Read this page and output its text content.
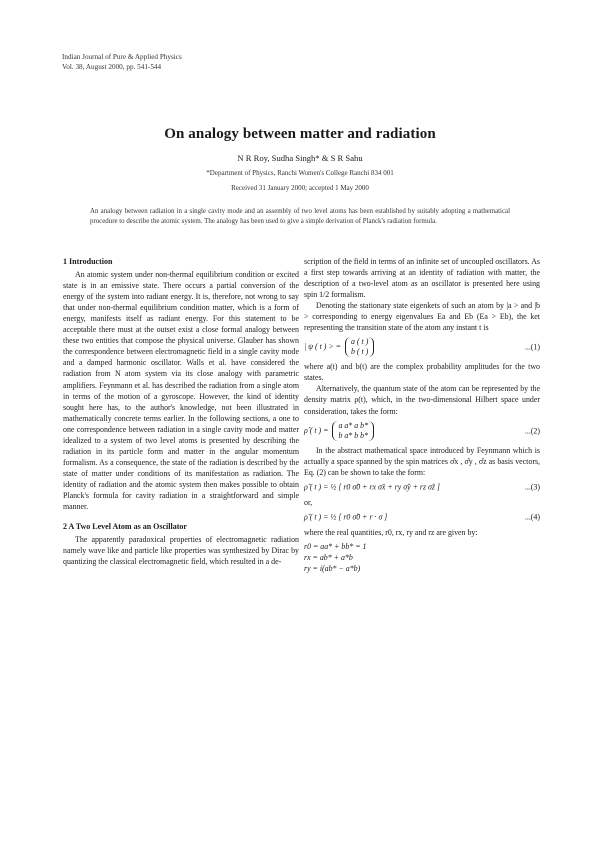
Indian Journal of Pure & Applied Physics
Vol. 38, August 2000, pp. 541-544
On analogy between matter and radiation
N R Roy, Sudha Singh* & S R Sahu
*Department of Physics, Ranchi Women's College Ranchi 834 001
Received 31 January 2000; accepted 1 May 2000
An analogy between radiation in a single cavity mode and an assembly of two level atoms has been established by suitably adopting a mathematical procedure to describe the atomic system. The analogy has been used to give a simple derivation of Planck's radiation formula.
1 Introduction

An atomic system under non-thermal equilibrium condition or excited state is in an emissive state. There occurs a partial conversion of the energy of the system into radiant energy. It is, therefore, not wrong to say that under non-thermal equilibrium condition matter, which is a form of energy, manifests itself as radiant energy. For this statement to be acceptable there must at the outset exist a close formal analogy between these two entities that compose the physical universe. Glauber has shown the correspondence between electromagnetic field in a single cavity mode and a damped harmonic oscillator. Walls et al. have considered the radiation from N atom system via its close analogy with parametric amplifiers. Feynmann et al. has described the radiation from a single atom in terms of the motion of a gyroscope. However, the kind of identity sought here has, to the author's knowledge, not been illustrated in mathematically concrete terms earlier. In the following sections, a one to one correspondence between radiation in a single cavity mode and matter idealized to a system of two level atoms is presented by describing the radiation in its particle form and matter in the angular momentum formalism. As a consequence, the state of the radiation is described by the state of matter under conditions of its manifestation as radiation. The identity of radiation and the atomic system then makes possible to obtain Planck's formula for cavity radiation in a straightforward and simple manner.

2 A Two Level Atom as an Oscillator

The apparently paradoxical properties of electromagnetic radiation namely wave like and particle like properties was synthesized by Dirac by quantizing the classical electromagnetic field, which resulted in a de-

scription of the field in terms of an infinite set of uncoupled oscillators. As a first step towards arriving at an identity of radiation with matter, the description of a two-level atom as an oscillator is presented here using spin 1/2 formalism.

Denoting the stationary state eigenkets of such an atom by |a > and |b > corresponding to energy eigenvalues Ea and Eb (Ea > Eb), the ket representing the transition state of the atom any instant t is

| ψ ( t ) > = a ( t )
b ( t )
...(1)

where a(t) and b(t) are the complex probability amplitudes for the two states.

Alternatively, the quantum state of the atom can be represented by the density matrix ρ(t), which, in the two-dimensional Hilbert space under consideration, takes the form:

ρ̂ ( t ) = a a* a b*
b a* b b*
...(2)

In the abstract mathematical space introduced by Feynmann which is actually a space spanned by the spin matrices σ̂x , σ̂y , σ̂z as basis vectors, Eq. (2) can be shown to take the form:

ρ̂ ( t ) = ½ [ r0 σ̂0 + rx σ̂x + ry σ̂y + rz σ̂z ]	...(3)

or,

ρ̂ ( t ) = ½ [ r0 σ̂0 + r · σ ]	...(4)

where the real quantities, r0, rx, ry and rz are given by:

r0 = aa* + bb* = 1
rx = ab* + a*b
ry = i(ab* − a*b)
